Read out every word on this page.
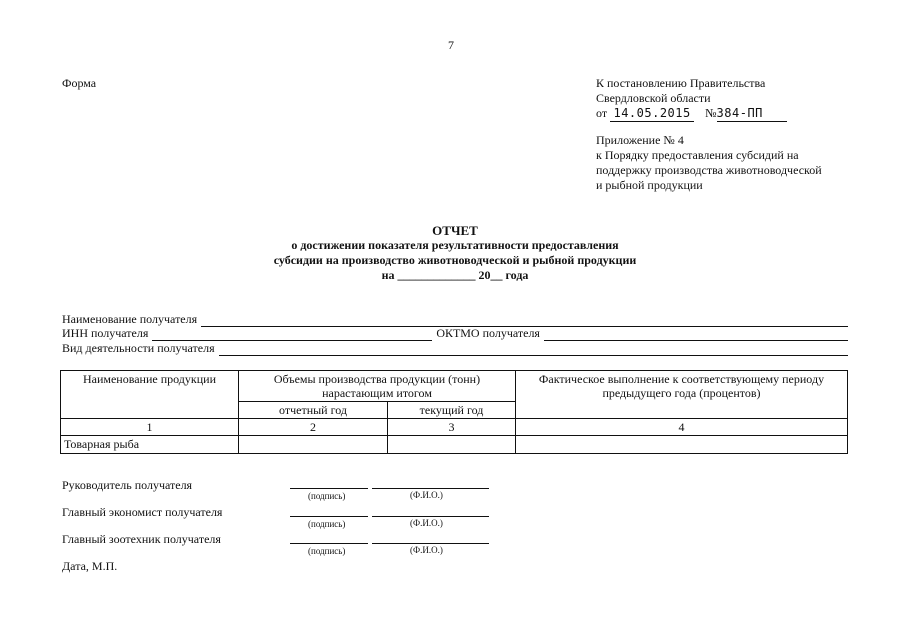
7
Форма	К постановлению Правительства
Свердловской области
от 14.05.2015 №384-ПП
Приложение № 4
к Порядку предоставления субсидий на
поддержку производства животноводческой
и рыбной продукции
ОТЧЕТ
о достижении показателя результативности предоставления
субсидии на производство животноводческой и рыбной продукции
на _____________ 20__ года
Наименование получателя
ИНН получателя	ОКТМО получателя
Вид деятельности получателя
Наименование продукции	Объемы производства продукции (тонн) нарастающим итогом		Фактическое выполнение к соответствующему периоду предыдущего года (процентов)
	отчетный год	текущий год	
1	2	3	4
Товарная рыба			
Руководитель получателя
(подпись)	(Ф.И.О.)
Главный экономист получателя
(подпись)	(Ф.И.О.)
Главный зоотехник получателя
(подпись)	(Ф.И.О.)
Дата, М.П.
